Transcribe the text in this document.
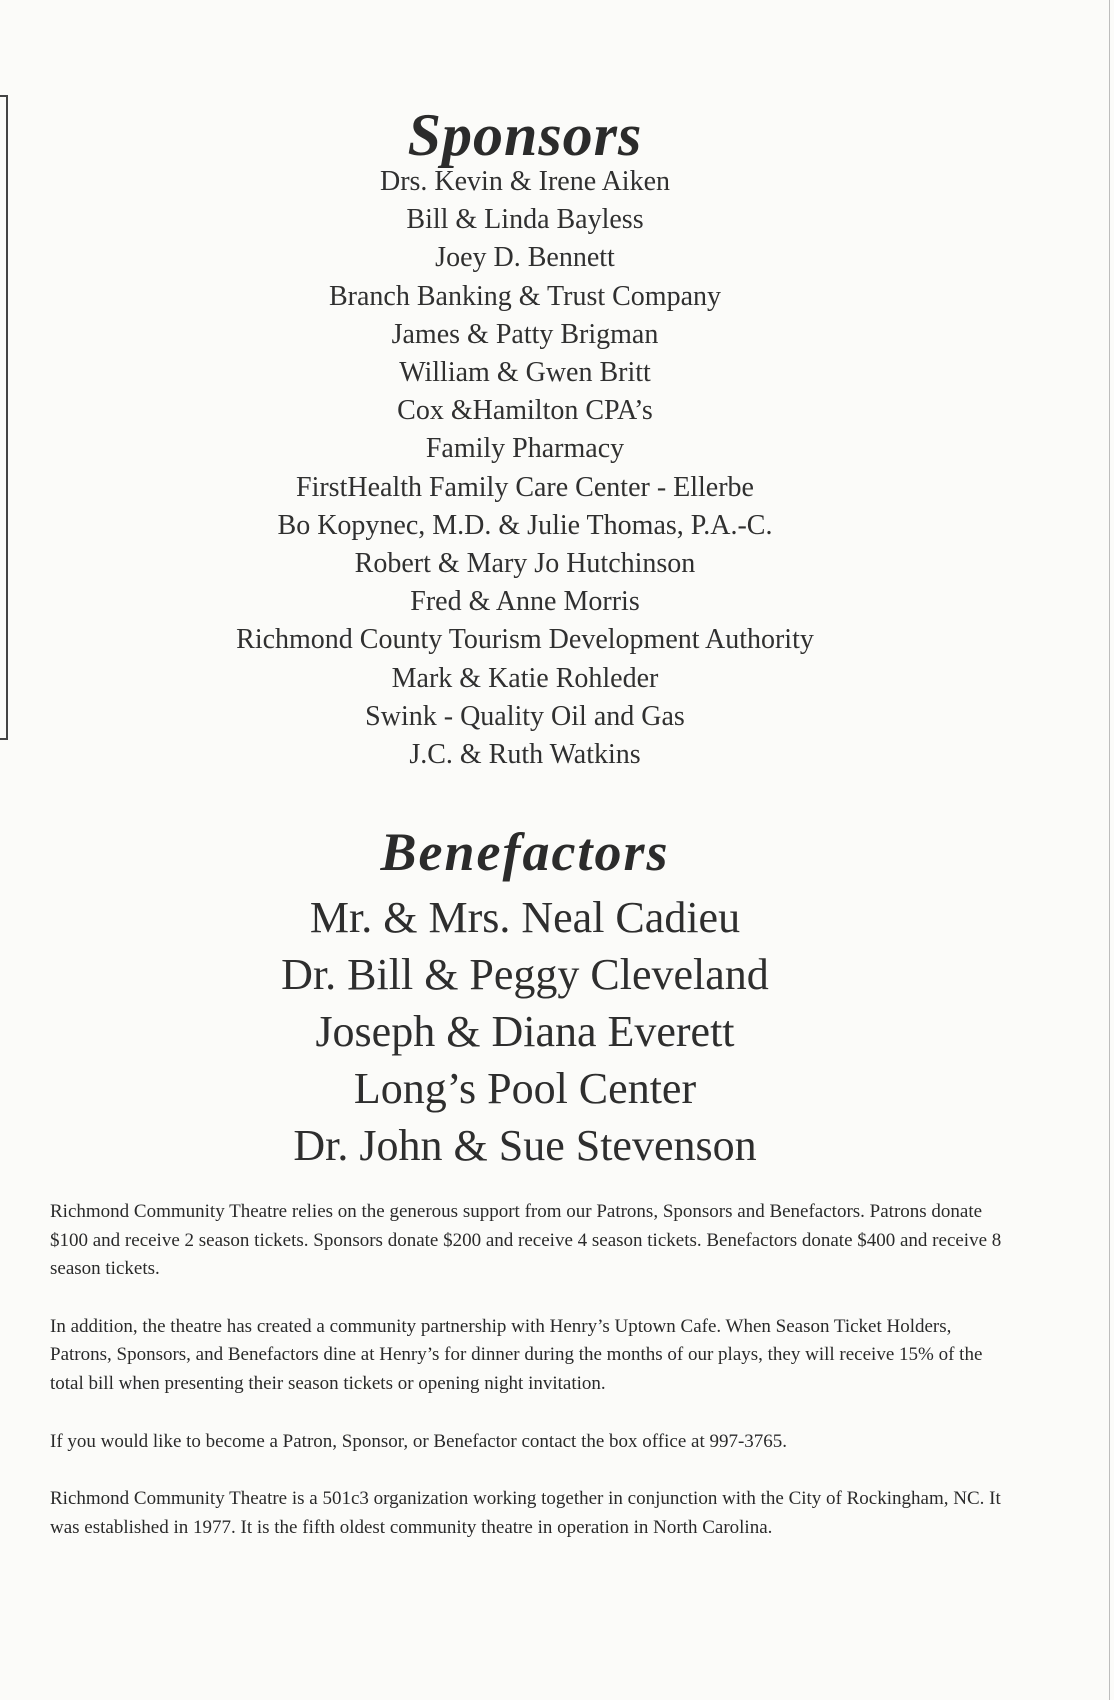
Sponsors
Drs. Kevin & Irene Aiken
Bill & Linda Bayless
Joey D. Bennett
Branch Banking & Trust Company
James & Patty Brigman
William & Gwen Britt
Cox &Hamilton CPA’s
Family Pharmacy
FirstHealth Family Care Center - Ellerbe
Bo Kopynec, M.D. & Julie Thomas, P.A.-C.
Robert & Mary Jo Hutchinson
Fred & Anne Morris
Richmond County Tourism Development Authority
Mark & Katie Rohleder
Swink - Quality Oil and Gas
J.C. & Ruth Watkins
Benefactors
Mr. & Mrs. Neal Cadieu
Dr. Bill & Peggy Cleveland
Joseph & Diana Everett
Long’s Pool Center
Dr. John & Sue Stevenson

Richmond Community Theatre relies on the generous support from our Patrons, Sponsors and Benefactors. Patrons donate $100 and receive 2 season tickets. Sponsors donate $200 and receive 4 season tickets. Benefactors donate $400 and receive 8 season tickets.

In addition, the theatre has created a community partnership with Henry’s Uptown Cafe. When Season Ticket Holders, Patrons, Sponsors, and Benefactors dine at Henry’s for dinner during the months of our plays, they will receive 15% of the total bill when presenting their season tickets or opening night invitation.

If you would like to become a Patron, Sponsor, or Benefactor contact the box office at 997-3765.

Richmond Community Theatre is a 501c3 organization working together in conjunction with the City of Rockingham, NC. It was established in 1977. It is the fifth oldest community theatre in operation in North Carolina.
